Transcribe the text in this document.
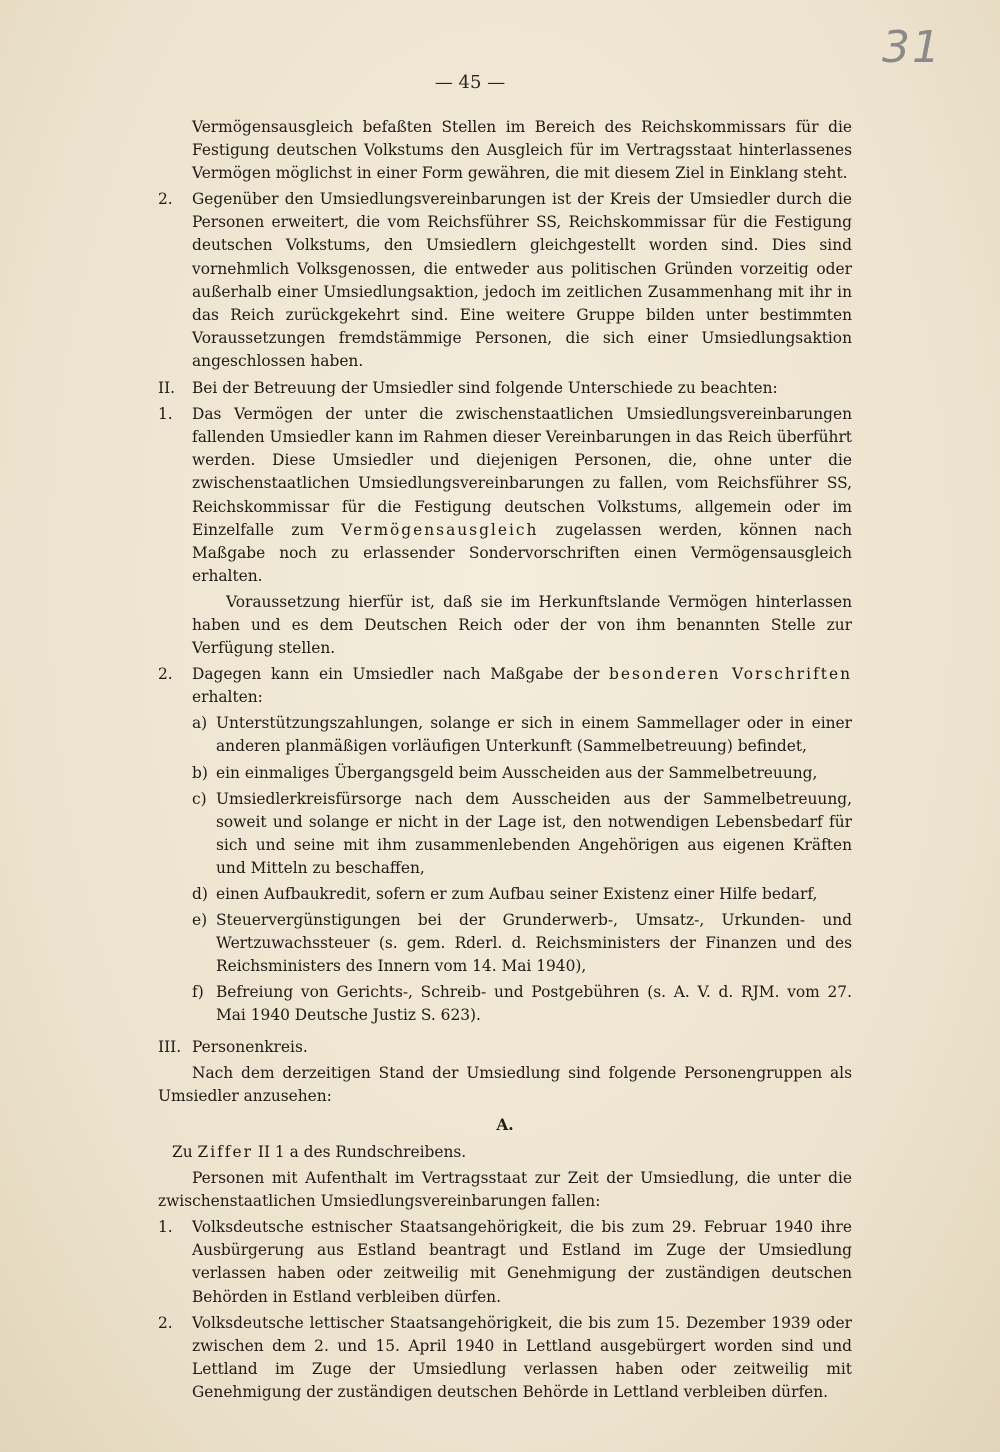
31
— 45 —

Vermögensausgleich befaßten Stellen im Bereich des Reichskommissars für die Festigung deutschen Volkstums den Ausgleich für im Vertragsstaat hinterlassenes Vermögen möglichst in einer Form gewähren, die mit diesem Ziel in Einklang steht.

2.	Gegenüber den Umsiedlungsvereinbarungen ist der Kreis der Umsiedler durch die Personen erweitert, die vom Reichsführer SS, Reichskommissar für die Festigung deutschen Volkstums, den Umsiedlern gleichgestellt worden sind. Dies sind vornehmlich Volksgenossen, die entweder aus politischen Gründen vorzeitig oder außerhalb einer Umsiedlungsaktion, jedoch im zeitlichen Zusammenhang mit ihr in das Reich zurückgekehrt sind. Eine weitere Gruppe bilden unter bestimmten Voraussetzungen fremdstämmige Personen, die sich einer Umsiedlungsaktion angeschlossen haben.

II.	Bei der Betreuung der Umsiedler sind folgende Unterschiede zu beachten:
1.	Das Vermögen der unter die zwischenstaatlichen Umsiedlungsvereinbarungen fallenden Umsiedler kann im Rahmen dieser Vereinbarungen in das Reich überführt werden. Diese Umsiedler und diejenigen Personen, die, ohne unter die zwischenstaatlichen Umsiedlungsvereinbarungen zu fallen, vom Reichsführer SS, Reichskommissar für die Festigung deutschen Volkstums, allgemein oder im Einzelfalle zum Vermögensausgleich zugelassen werden, können nach Maßgabe noch zu erlassender Sondervorschriften einen Vermögensausgleich erhalten.

Voraussetzung hierfür ist, daß sie im Herkunftslande Vermögen hinterlassen haben und es dem Deutschen Reich oder der von ihm benannten Stelle zur Verfügung stellen.

2.	Dagegen kann ein Umsiedler nach Maßgabe der besonderen Vorschriften erhalten:

a) Unterstützungszahlungen, solange er sich in einem Sammellager oder in einer anderen planmäßigen vorläufigen Unterkunft (Sammelbetreuung) befindet,

b) ein einmaliges Übergangsgeld beim Ausscheiden aus der Sammelbetreuung,

c) Umsiedlerkreisfürsorge nach dem Ausscheiden aus der Sammelbetreuung, soweit und solange er nicht in der Lage ist, den notwendigen Lebensbedarf für sich und seine mit ihm zusammenlebenden Angehörigen aus eigenen Kräften und Mitteln zu beschaffen,

d) einen Aufbaukredit, sofern er zum Aufbau seiner Existenz einer Hilfe bedarf,

e) Steuervergünstigungen bei der Grunderwerb-, Umsatz-, Urkunden- und Wertzuwachssteuer (s. gem. Rderl. d. Reichsministers der Finanzen und des Reichsministers des Innern vom 14. Mai 1940),

f) Befreiung von Gerichts-, Schreib- und Postgebühren (s. A. V. d. RJM. vom 27. Mai 1940 Deutsche Justiz S. 623).

III. Personenkreis.

Nach dem derzeitigen Stand der Umsiedlung sind folgende Personengruppen als Umsiedler anzusehen:

A.

Zu Ziffer II 1 a des Rundschreibens.

Personen mit Aufenthalt im Vertragsstaat zur Zeit der Umsiedlung, die unter die zwischenstaatlichen Umsiedlungsvereinbarungen fallen:

1.	Volksdeutsche estnischer Staatsangehörigkeit, die bis zum 29. Februar 1940 ihre Ausbürgerung aus Estland beantragt und Estland im Zuge der Umsiedlung verlassen haben oder zeitweilig mit Genehmigung der zuständigen deutschen Behörden in Estland verbleiben dürfen.

2.	Volksdeutsche lettischer Staatsangehörigkeit, die bis zum 15. Dezember 1939 oder zwischen dem 2. und 15. April 1940 in Lettland ausgebürgert worden sind und Lettland im Zuge der Umsiedlung verlassen haben oder zeitweilig mit Genehmigung der zuständigen deutschen Behörde in Lettland verbleiben dürfen.
